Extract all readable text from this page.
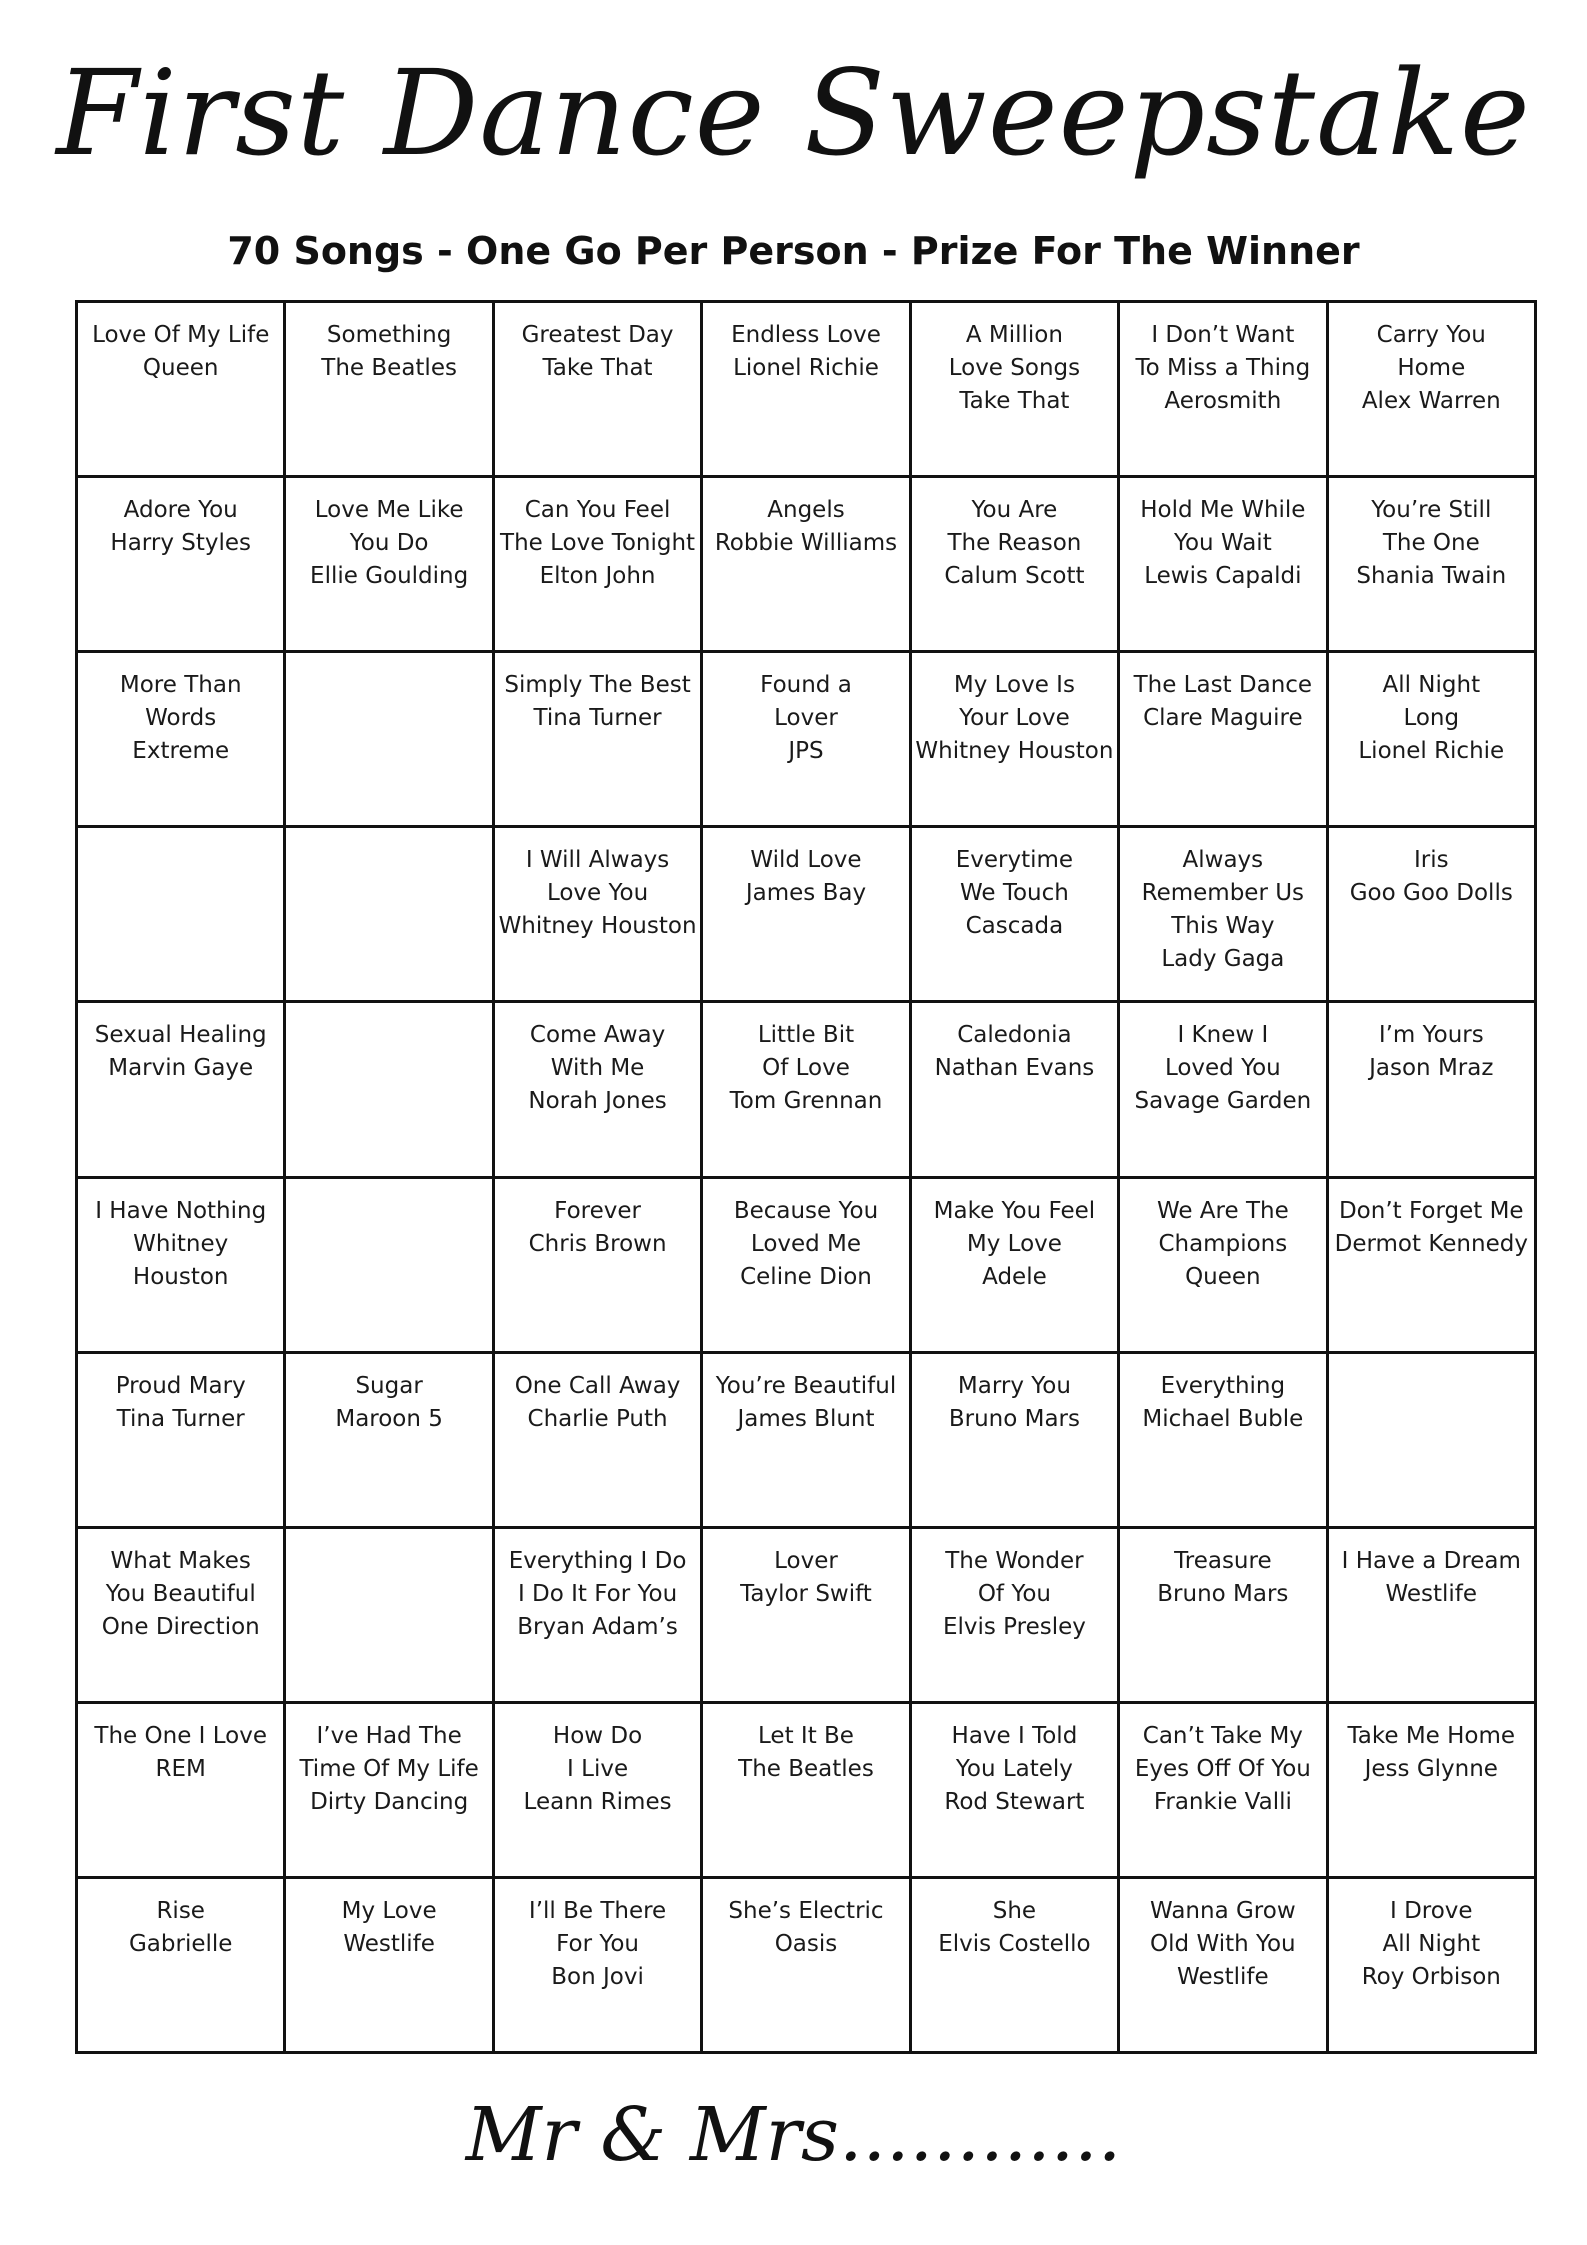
First Dance Sweepstake
70 Songs - One Go Per Person - Prize For The Winner
Love Of My Life
Queen
Something
The Beatles
Greatest Day
Take That
Endless Love
Lionel Richie
A Million
Love Songs
Take That
I Don’t Want
To Miss a Thing
Aerosmith
Carry You
Home
Alex Warren
Adore You
Harry Styles
Love Me Like
You Do
Ellie Goulding
Can You Feel
The Love Tonight
Elton John
Angels
Robbie Williams
You Are
The Reason
Calum Scott
Hold Me While
You Wait
Lewis Capaldi
You’re Still
The One
Shania Twain
More Than
Words
Extreme
Simply The Best
Tina Turner
Found a
Lover
JPS
My Love Is
Your Love
Whitney Houston
The Last Dance
Clare Maguire
All Night
Long
Lionel Richie
I Will Always
Love You
Whitney Houston
Wild Love
James Bay
Everytime
We Touch
Cascada
Always
Remember Us
This Way
Lady Gaga
Iris
Goo Goo Dolls
Sexual Healing
Marvin Gaye
Come Away
With Me
Norah Jones
Little Bit
Of Love
Tom Grennan
Caledonia
Nathan Evans
I Knew I
Loved You
Savage Garden
I’m Yours
Jason Mraz
I Have Nothing
Whitney
Houston
Forever
Chris Brown
Because You
Loved Me
Celine Dion
Make You Feel
My Love
Adele
We Are The
Champions
Queen
Don’t Forget Me
Dermot Kennedy
Proud Mary
Tina Turner
Sugar
Maroon 5
One Call Away
Charlie Puth
You’re Beautiful
James Blunt
Marry You
Bruno Mars
Everything
Michael Buble
What Makes
You Beautiful
One Direction
Everything I Do
I Do It For You
Bryan Adam’s
Lover
Taylor Swift
The Wonder
Of You
Elvis Presley
Treasure
Bruno Mars
I Have a Dream
Westlife
The One I Love
REM
I’ve Had The
Time Of My Life
Dirty Dancing
How Do
I Live
Leann Rimes
Let It Be
The Beatles
Have I Told
You Lately
Rod Stewart
Can’t Take My
Eyes Off Of You
Frankie Valli
Take Me Home
Jess Glynne
Rise
Gabrielle
My Love
Westlife
I’ll Be There
For You
Bon Jovi
She’s Electric
Oasis
She
Elvis Costello
Wanna Grow
Old With You
Westlife
I Drove
All Night
Roy Orbison
Mr & Mrs............
